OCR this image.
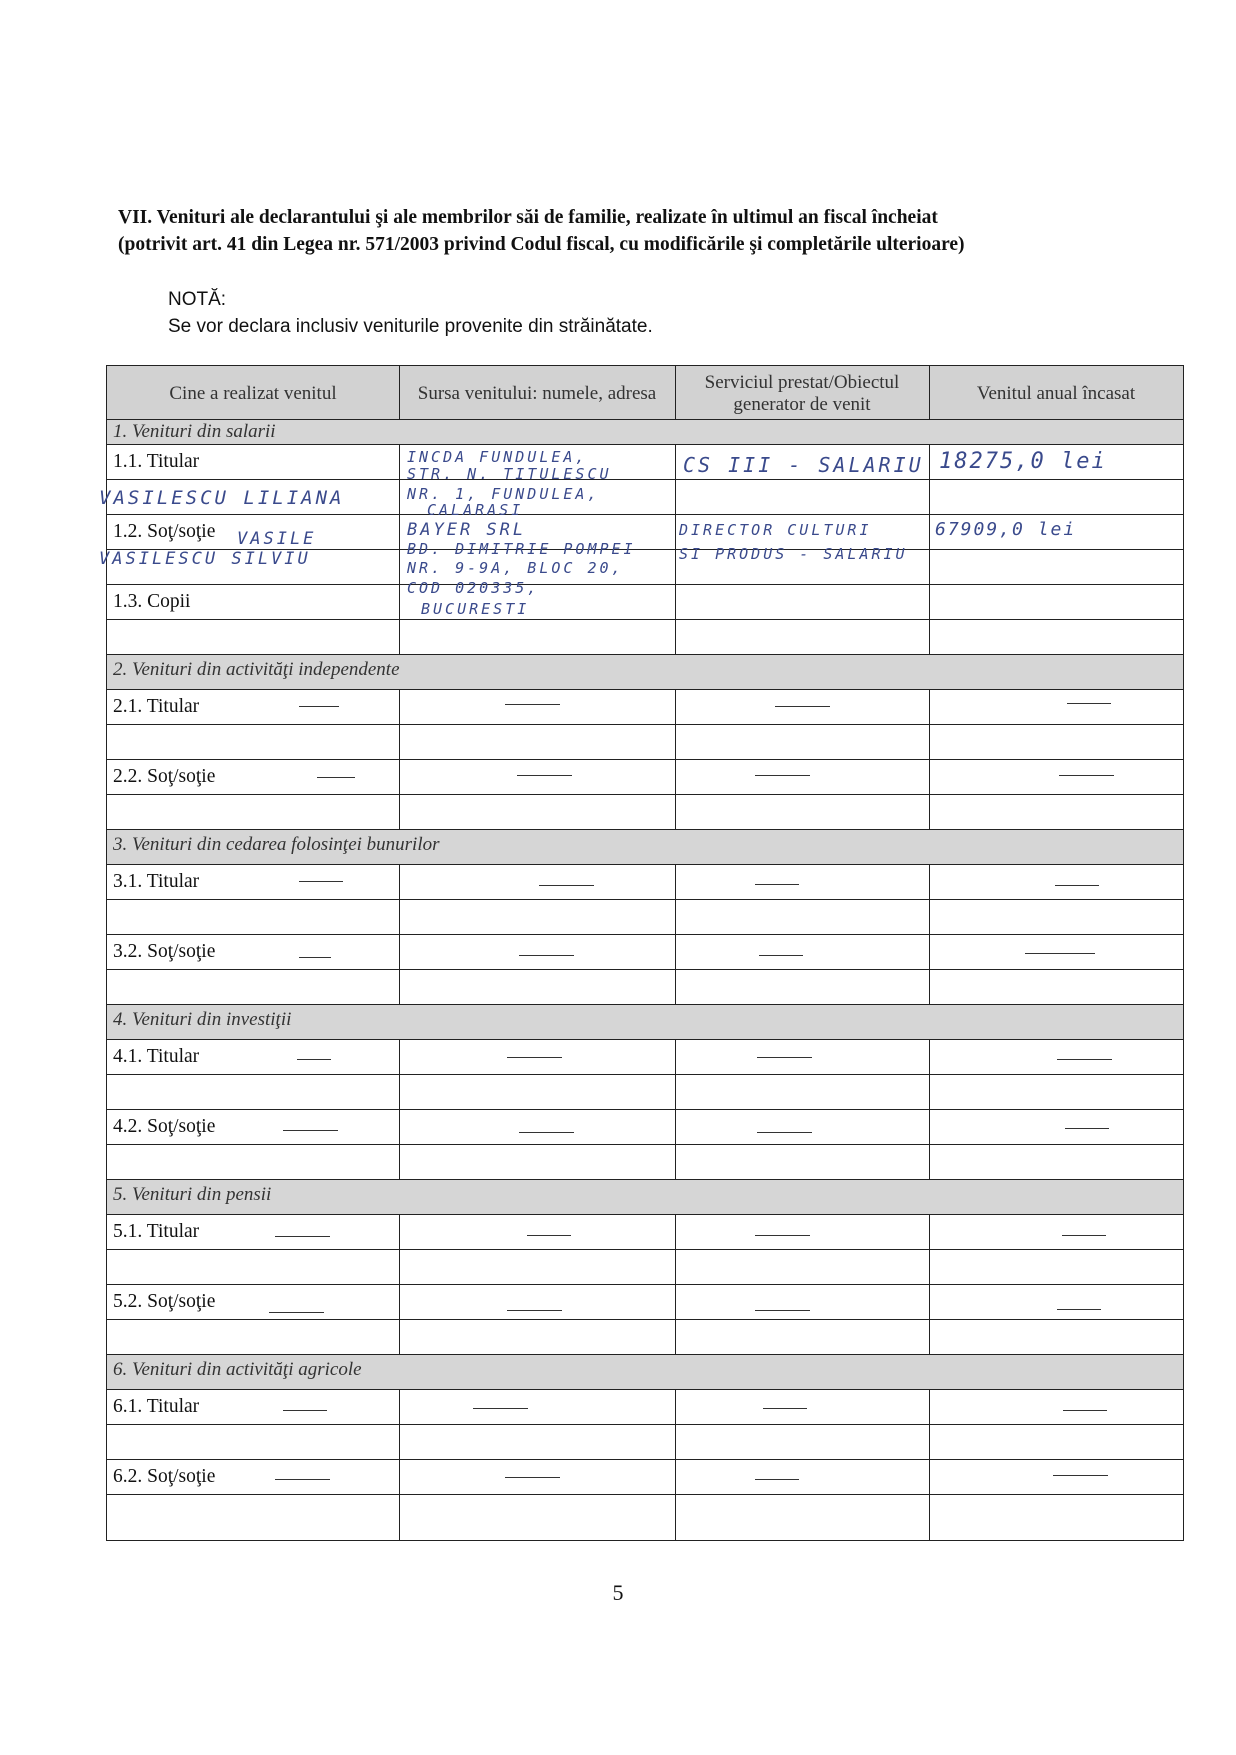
VII. Venituri ale declarantului şi ale membrilor săi de familie, realizate în ultimul an fiscal încheiat
(potrivit art. 41 din Legea nr. 571/2003 privind Codul fiscal, cu modificările şi completările ulterioare)
NOTĂ:
Se vor declara inclusiv veniturile provenite din străinătate.
Cine a realizat venitul	Sursa venitului: numele, adresa
Serviciul prestat/Obiectul generator de venit
Venitul anual încasat
1. Venituri din salarii
1.1. Titular
1.2. Soţ/soţie
1.3. Copii
2. Venituri din activităţi independente
2.1. Titular
2.2. Soţ/soţie
3. Venituri din cedarea folosinţei bunurilor
3.1. Titular
3.2. Soţ/soţie
4. Venituri din investiţii
4.1. Titular
4.2. Soţ/soţie
5. Venituri din pensii
5.1. Titular
5.2. Soţ/soţie
6. Venituri din activităţi agricole
6.1. Titular
6.2. Soţ/soţie
INCDA FUNDULEA,
STR. N. TITULESCU
NR. 1, FUNDULEA,
CALARASI
VASILESCU LILIANA
CS III - SALARIU 18275,0 lei
BAYER SRL
BD. DIMITRIE POMPEI
NR. 9-9A, BLOC 20,
COD 020335,
BUCURESTI
VASILE
VASILESCU SILVIU
DIRECTOR CULTURI
SI PRODUS - SALARIU
67909,0 lei
5
